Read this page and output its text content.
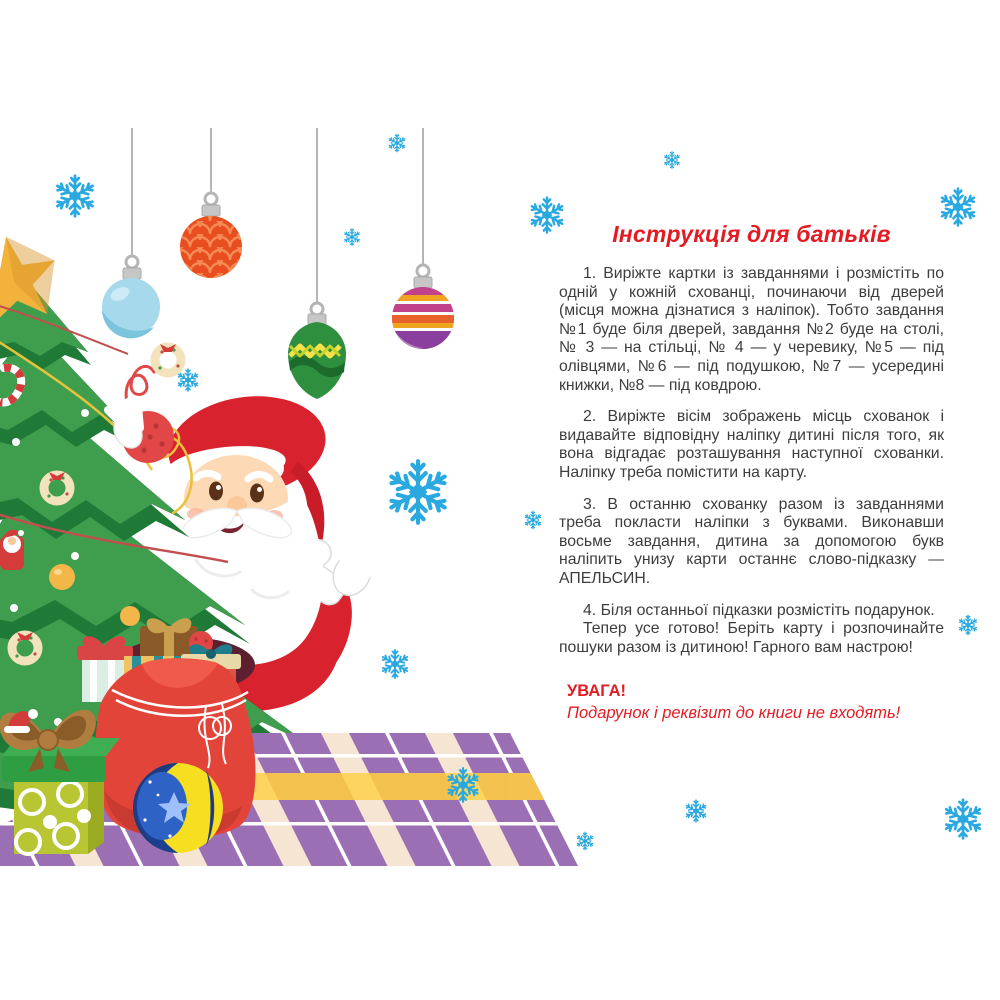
Інструкція для батьків

1. Виріжте картки із завданнями і розмістіть по одній у кожній схованці, починаючи від дверей (місця можна дізнатися з наліпок). Тобто завдання №1 буде біля дверей, завдання №2 буде на столі, № 3 — на стільці, № 4 — у черевику, №5 — під олівцями, №6 — під подушкою, №7 — усередині книжки, №8 — під ковдрою.

2. Виріжте вісім зображень місць схованок і видавайте відповідну наліпку дитині після того, як вона відгадає розташування наступної схованки. Наліпку треба помістити на карту.

3. В останню схованку разом із завданнями треба покласти наліпки з буквами. Виконавши восьме завдання, дитина за допомогою букв наліпить унизу карти останнє слово-підказку — АПЕЛЬСИН.

4. Біля останньої підказки розмістіть подарунок.

Тепер усе готово! Беріть карту і розпочинайте пошуки разом із дитиною! Гарного вам настрою!

УВАГА!

Подарунок і реквізит до книги не входять!
